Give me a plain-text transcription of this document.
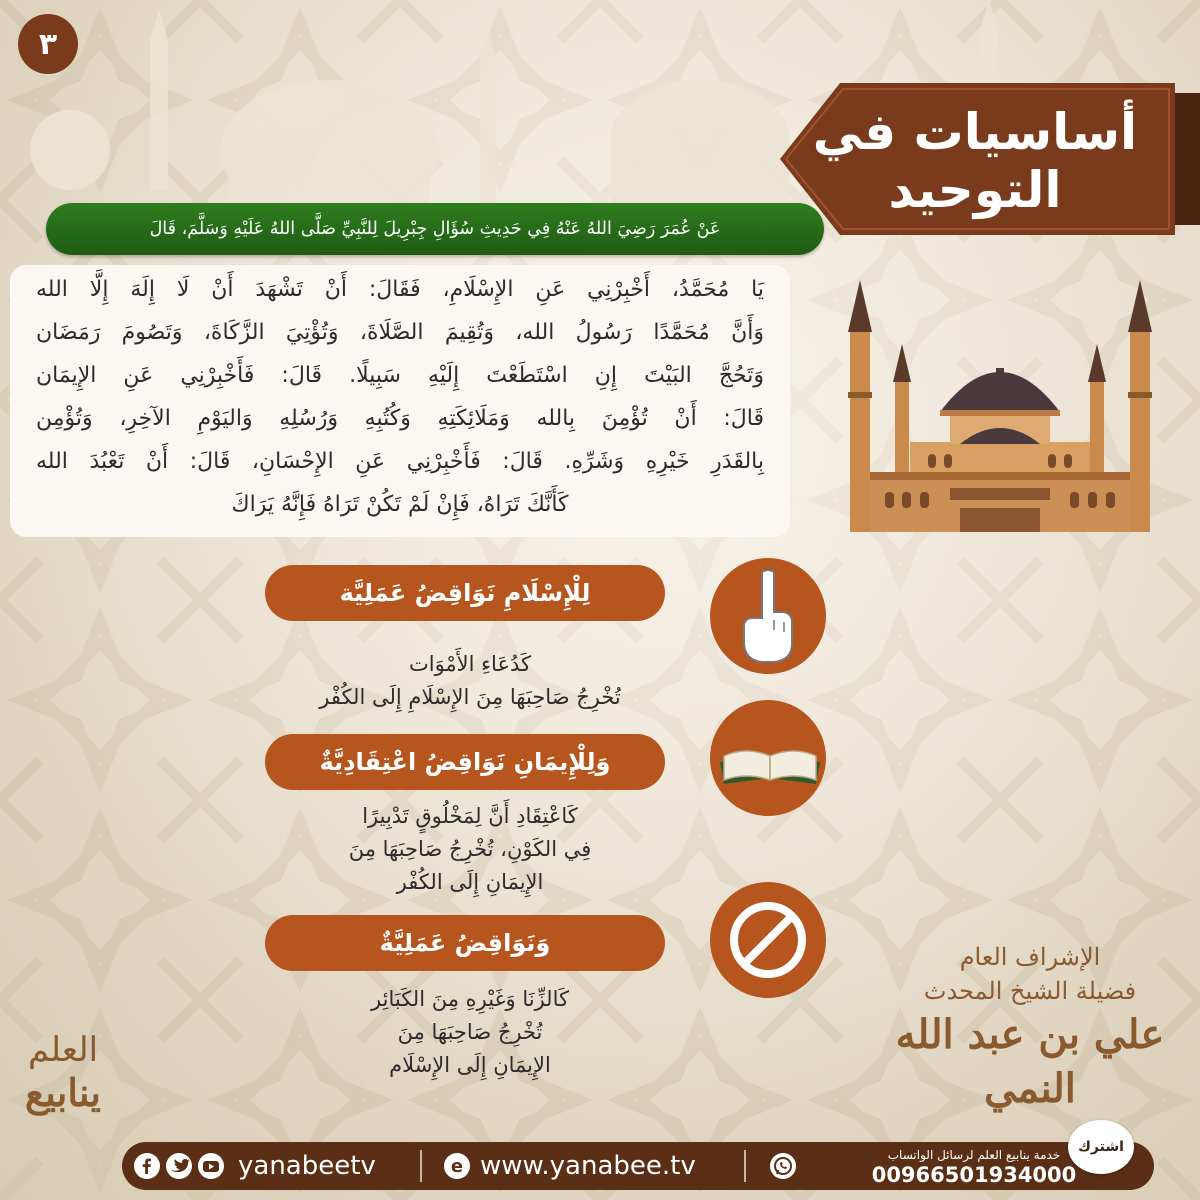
٣
أساسيات في
التوحيد
عَنْ عُمَرَ رَضِيَ اللهُ عَنْهُ فِي حَدِيثِ سُؤَالِ جِبْرِيلَ لِلنَّبِيِّ صَلَّى اللهُ عَلَيْهِ وَسَلَّمَ، قَالَ
يَا مُحَمَّدُ، أَخْبِرْنِي عَنِ الإِسْلَامِ، فَقَالَ: أَنْ تَشْهَدَ أَنْ لَا إِلَهَ إِلَّا الله
وَأَنَّ مُحَمَّدًا رَسُولُ الله، وَتُقِيمَ الصَّلَاةَ، وَتُؤْتِيَ الزَّكَاةَ، وَتَصُومَ رَمَضَان
وَتَحُجَّ البَيْتَ إِنِ اسْتَطَعْتَ إِلَيْهِ سَبِيلًا. قَالَ: فَأَخْبِرْنِي عَنِ الإِيمَان
قَالَ: أَنْ تُؤْمِنَ بِالله وَمَلَائِكَتِهِ وَكُتُبِهِ وَرُسُلِهِ وَاليَوْمِ الآخِرِ، وَتُؤْمِن
بِالقَدَرِ خَيْرِهِ وَشَرِّهِ. قَالَ: فَأَخْبِرْنِي عَنِ الإِحْسَانِ، قَالَ: أَنْ تَعْبُدَ الله
كَأَنَّكَ تَرَاهُ، فَإِنْ لَمْ تَكُنْ تَرَاهُ فَإِنَّهُ يَرَاكَ
لِلْإِسْلَامِ نَوَاقِضُ عَمَلِيَّة
كَدُعَاءِ الأَمْوَات
تُخْرِجُ صَاحِبَهَا مِنَ الإِسْلَامِ إِلَى الكُفْر
وَلِلْإِيمَانِ نَوَاقِضُ اعْتِقَادِيَّةٌ
كَاعْتِقَادِ أَنَّ لِمَخْلُوقٍ تَدْبِيرًا
فِي الكَوْنِ، تُخْرِجُ صَاحِبَهَا مِنَ
الإِيمَانِ إِلَى الكُفْر
وَنَوَاقِضُ عَمَلِيَّةٌ
كَالزِّنَا وَغَيْرِهِ مِنَ الكَبَائِر
تُخْرِجُ صَاحِبَهَا مِنَ
الإِيمَانِ إِلَى الإِسْلَام
الإشراف العام
فضيلة الشيخ المحدث
علي بن عبد الله النمي
العلم
ينابيع
yanabeetv	e www.yanabee.tv	خدمة ينابيع العلم لرسائل الواتساب
00966501934000
اشترك
